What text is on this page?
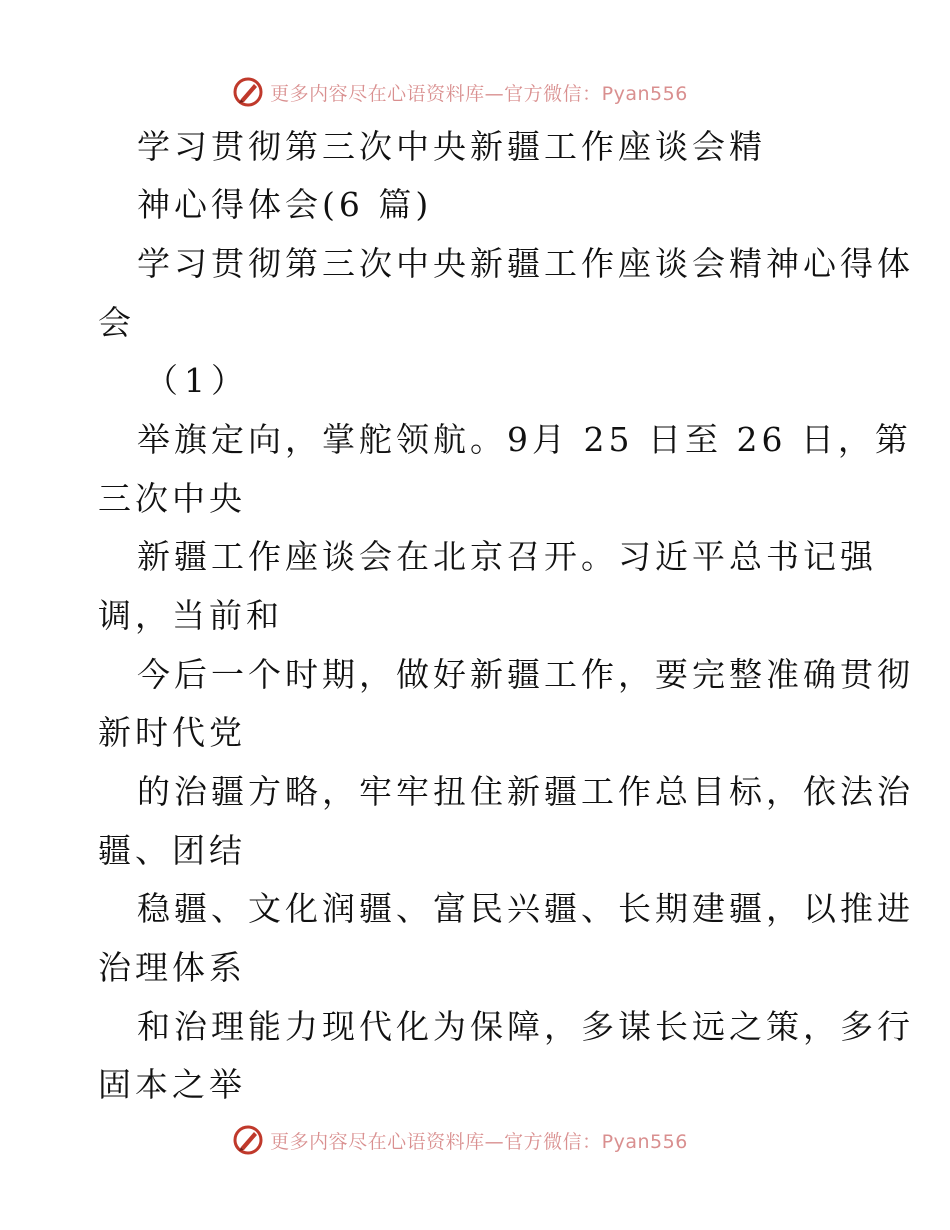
更多内容尽在心语资料库—官方微信：Pyan556
学习贯彻第三次中央新疆工作座谈会精
神心得体会(6 篇)
学习贯彻第三次中央新疆工作座谈会精神心得体
会
（1）
举旗定向，掌舵领航。9月 25 日至 26 日，第
三次中央
新疆工作座谈会在北京召开。习近平总书记强
调，当前和
今后一个时期，做好新疆工作，要完整准确贯彻
新时代党
的治疆方略，牢牢扭住新疆工作总目标，依法治
疆、团结
稳疆、文化润疆、富民兴疆、长期建疆，以推进
治理体系
和治理能力现代化为保障，多谋长远之策，多行
固本之举
更多内容尽在心语资料库—官方微信：Pyan556
